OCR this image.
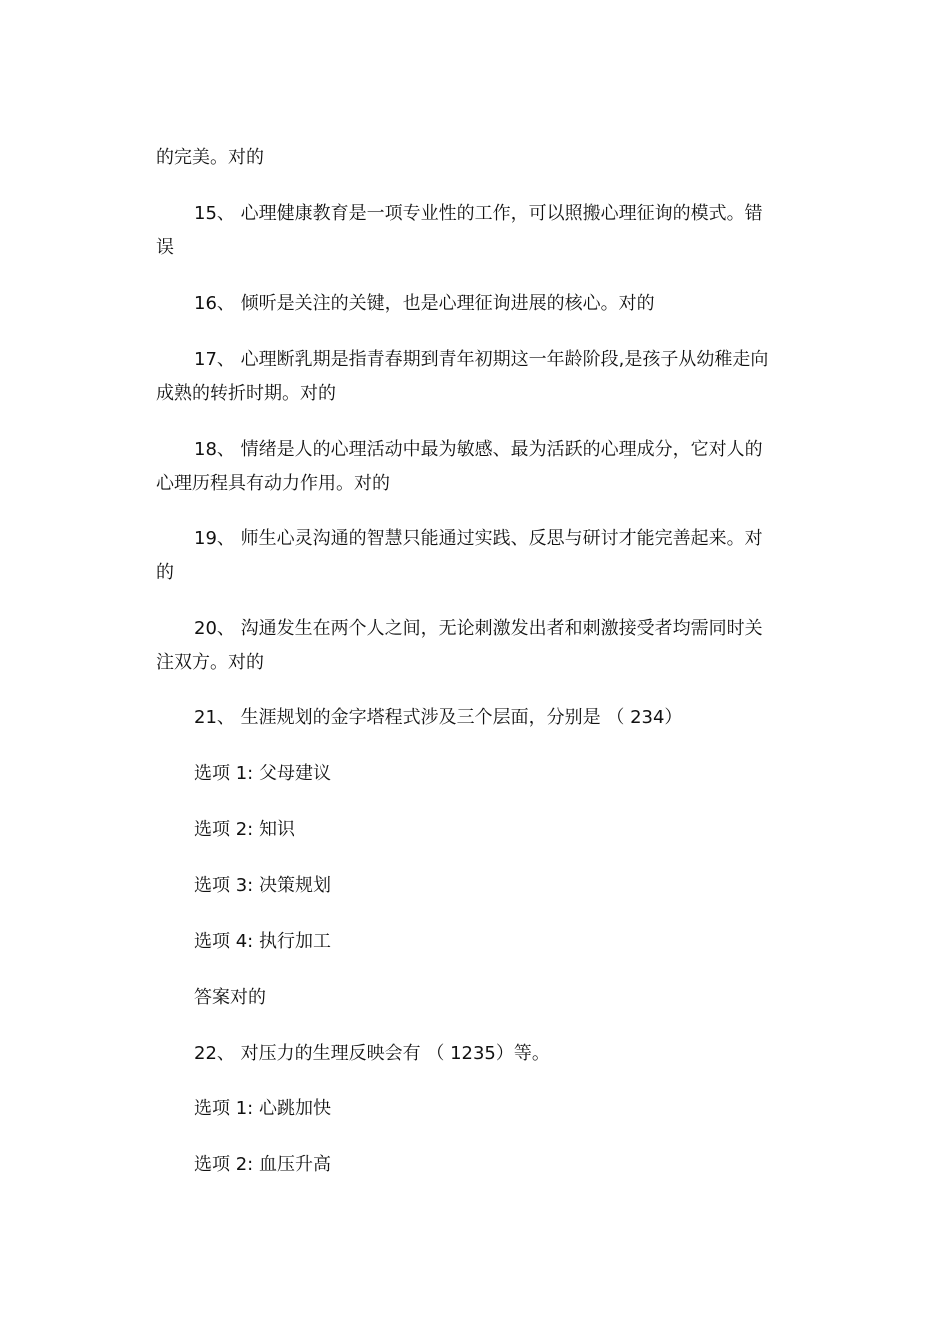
的完美。对的

15、 心理健康教育是一项专业性的工作，可以照搬心理征询的模式。错

误

16、 倾听是关注的关键，也是心理征询进展的核心。对的

17、 心理断乳期是指青春期到青年初期这一年龄阶段,是孩子从幼稚走向

成熟的转折时期。对的

18、 情绪是人的心理活动中最为敏感、最为活跃的心理成分，它对人的

心理历程具有动力作用。对的

19、 师生心灵沟通的智慧只能通过实践、反思与研讨才能完善起来。对

的

20、 沟通发生在两个人之间，无论刺激发出者和刺激接受者均需同时关

注双方。对的

21、 生涯规划的金字塔程式涉及三个层面，分别是 （ 234）

选项 1: 父母建议

选项 2: 知识

选项 3: 决策规划

选项 4: 执行加工

答案对的

22、 对压力的生理反映会有 （ 1235）等。

选项 1: 心跳加快

选项 2: 血压升高
